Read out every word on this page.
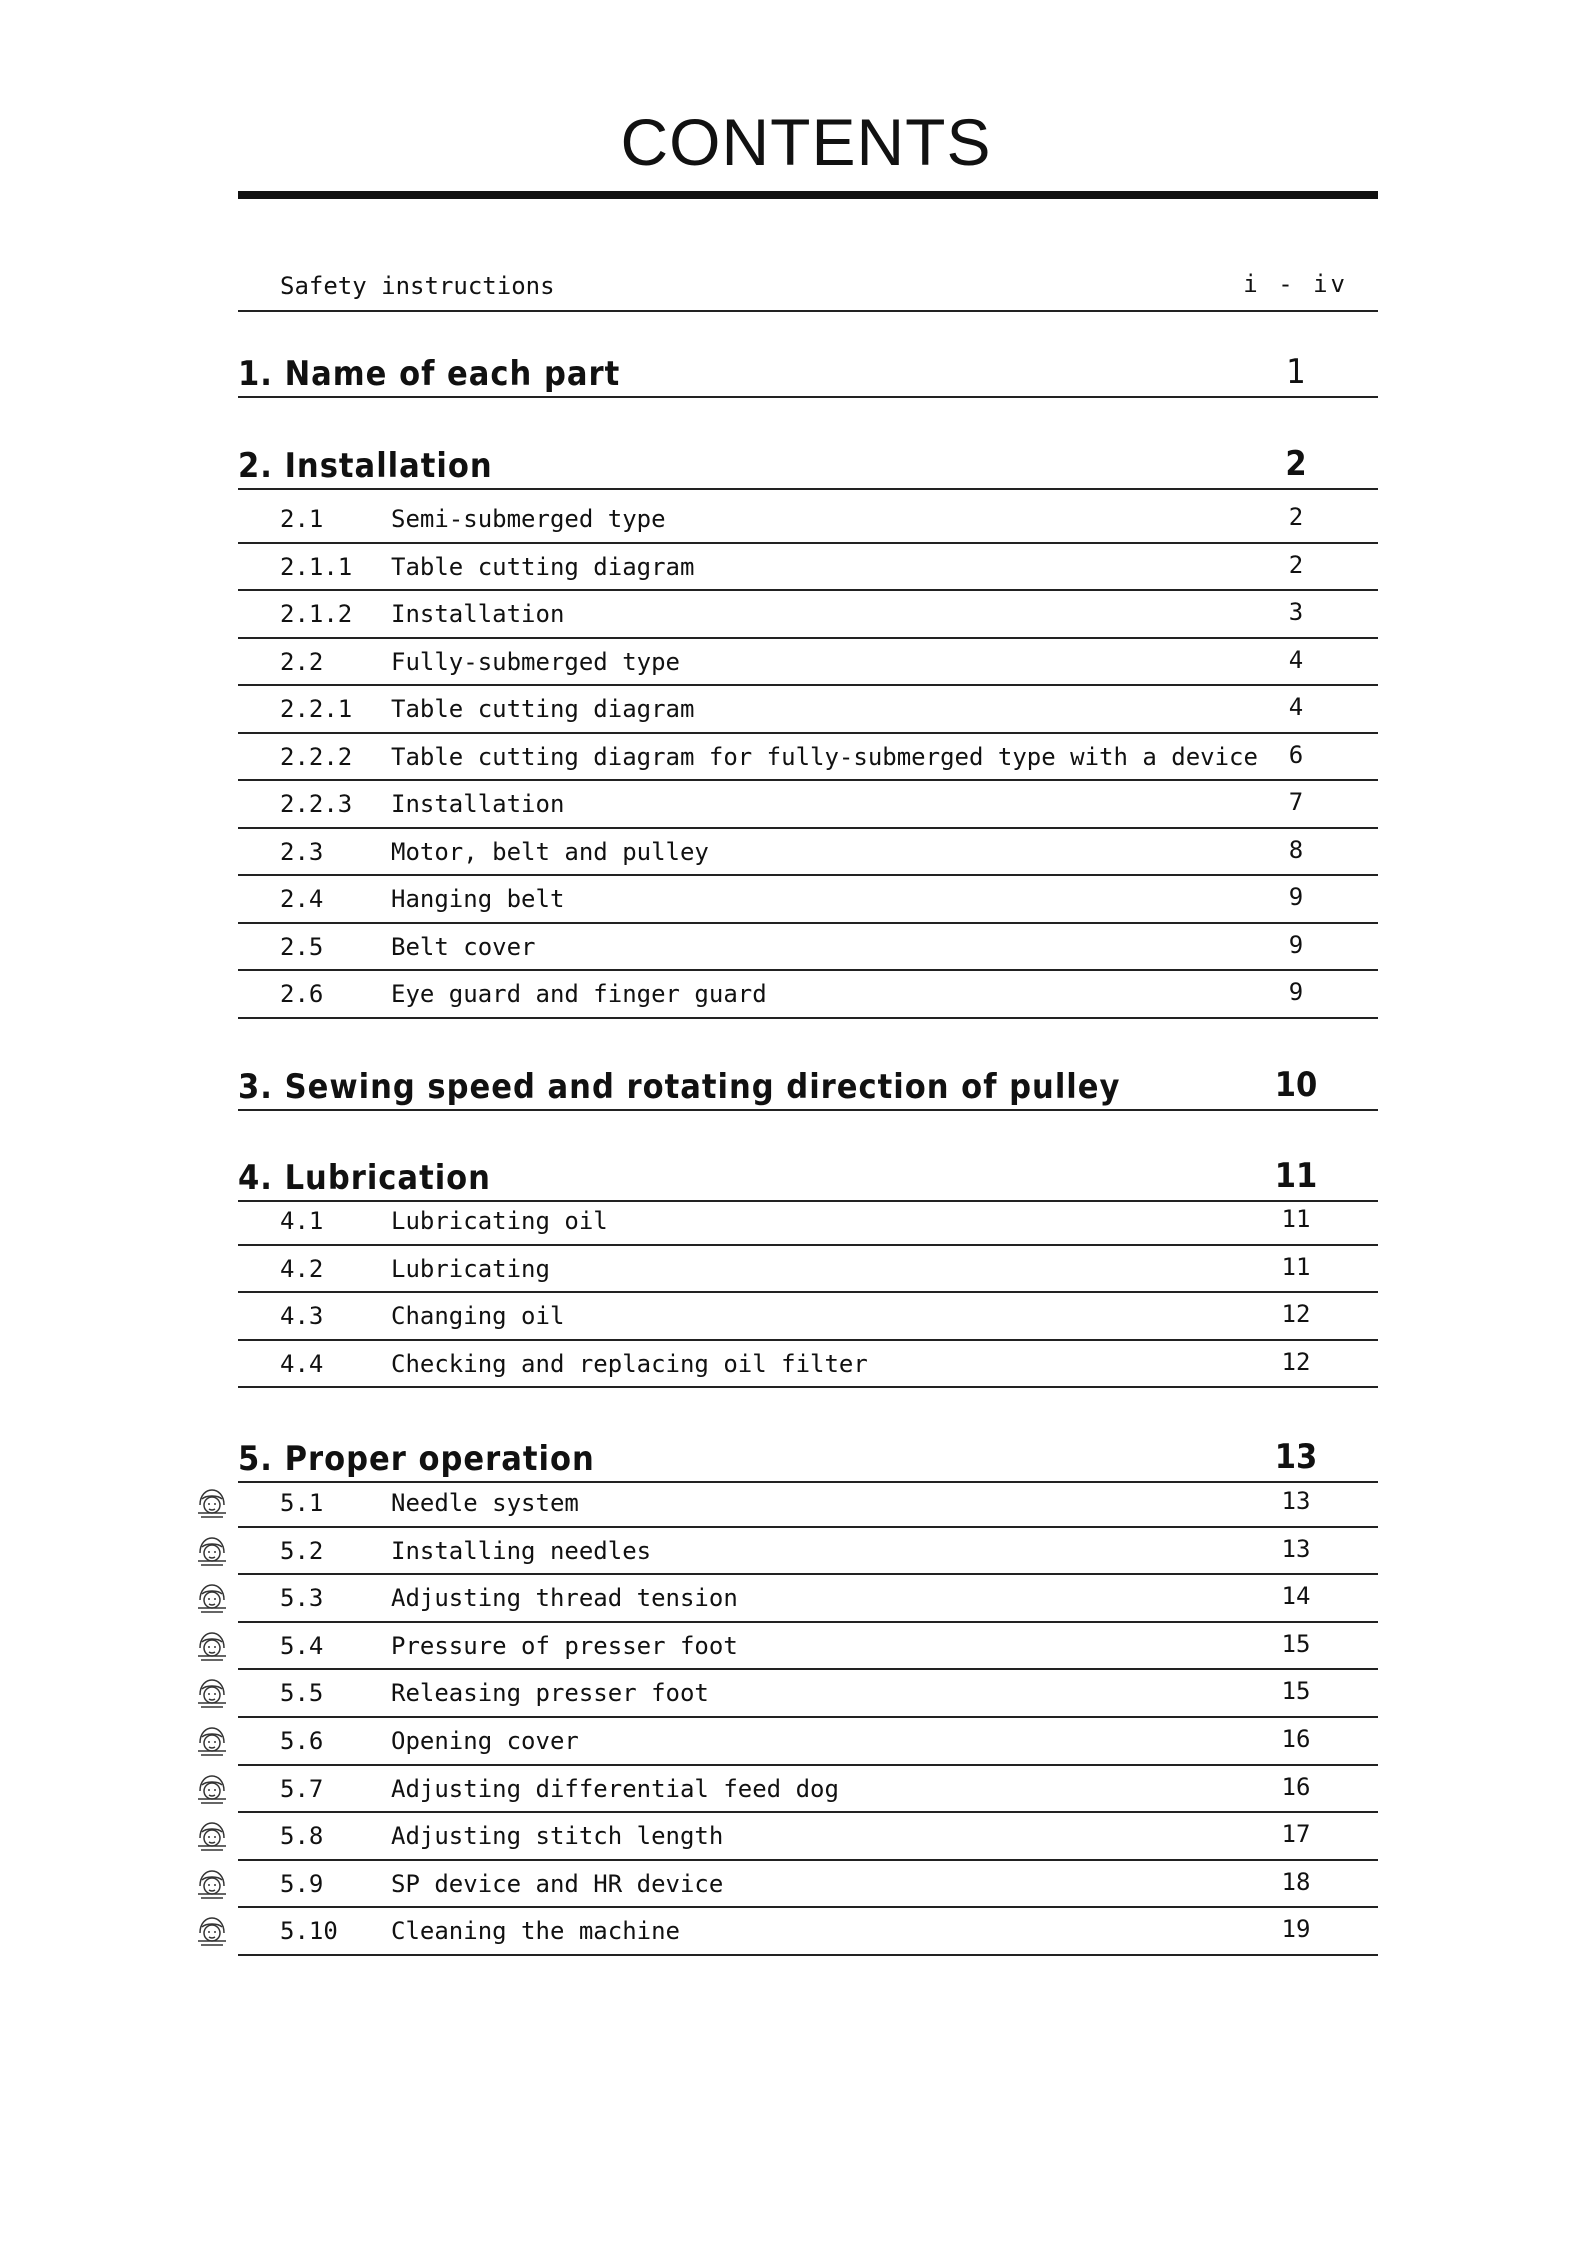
CONTENTS
Safety instructions	i - iv
1. Name of each part	1
2. Installation	2
2.1	Semi-submerged type	2
2.1.1 Table cutting diagram	2
2.1.2 Installation	3
2.2	Fully-submerged type	4
2.2.1 Table cutting diagram	4
2.2.2 Table cutting diagram for fully-submerged type with a device	6
2.2.3 Installation	7
2.3	Motor, belt and pulley	8
2.4	Hanging belt	9
2.5	Belt cover	9
2.6	Eye guard and finger guard	9
3. Sewing speed and rotating direction of pulley	10
4. Lubrication	11
4.1	Lubricating oil	11
4.2	Lubricating	11
4.3	Changing oil	12
4.4	Checking and replacing oil filter	12
5. Proper operation	13
5.1	Needle system	13
5.2	Installing needles	13
5.3	Adjusting thread tension	14
5.4	Pressure of presser foot	15
5.5	Releasing presser foot	15
5.6	Opening cover	16
5.7	Adjusting differential feed dog	16
5.8	Adjusting stitch length	17
5.9	SP device and HR device	18
5.10 Cleaning the machine	19
